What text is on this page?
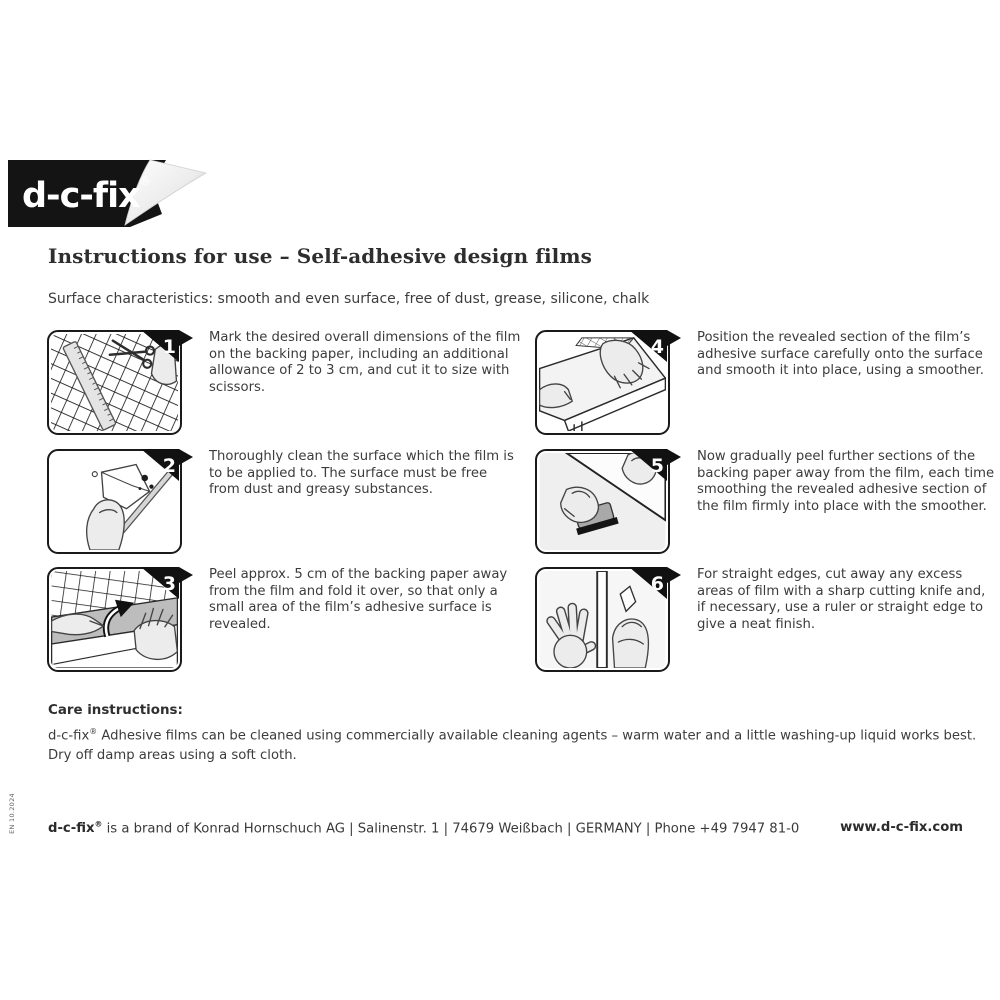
d-c-fix ®
Instructions for use – Self-adhesive design films

Surface characteristics: smooth and even surface, free of dust, grease, silicone, chalk

1	Mark the desired overall dimensions of the film on the backing paper, including an additional allowance of 2 to 3 cm, and cut it to size with scissors.

2	Thoroughly clean the surface which the film is to be applied to. The surface must be free from dust and greasy substances.

3	Peel approx. 5 cm of the backing paper away from the film and fold it over, so that only a small area of the film’s adhesive surface is revealed.

4	Position the revealed section of the film’s adhesive surface carefully onto the surface and smooth it into place, using a smoother.

5	Now gradually peel further sections of the backing paper away from the film, each time smoothing the revealed adhesive section of the film firmly into place with the smoother.

6	For straight edges, cut away any excess areas of film with a sharp cutting knife and, if necessary, use a ruler or straight edge to give a neat finish.

Care instructions:

d-c-fix® Adhesive films can be cleaned using commercially available cleaning agents – warm water and a little washing-up liquid works best. Dry off damp areas using a soft cloth.

EN 10.2024 d-c-fix® is a brand of Konrad Hornschuch AG | Salinenstr. 1 | 74679 Weißbach | GERMANY | Phone +49 7947 81-0	www.d-c-fix.com
